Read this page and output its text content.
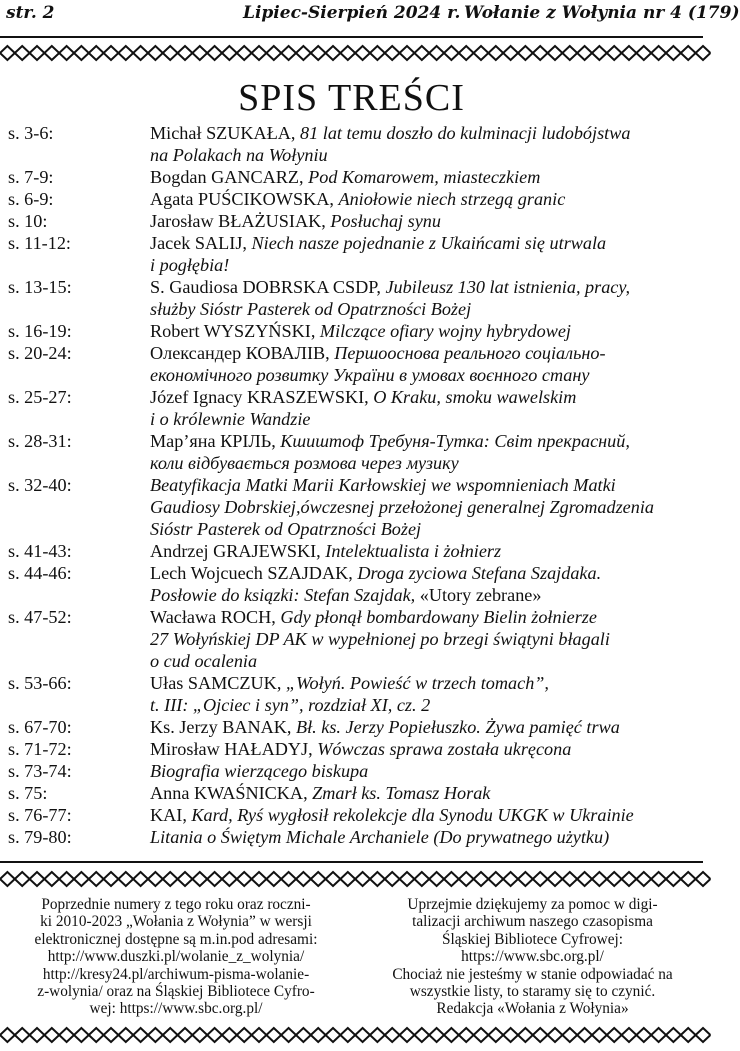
str. 2	Lipiec-Sierpień 2024 r. Wołanie z Wołynia nr 4 (179)
SPIS TREŚCI
s. 3-6:	Michał SZUKAŁA, 81 lat temu doszło do kulminacji ludobójstwa
na Polakach na Wołyniu
s. 7-9:	Bogdan GANCARZ, Pod Komarowem, miasteczkiem
s. 6-9:	Agata PUŚCIKOWSKA, Aniołowie niech strzegą granic
s. 10:	Jarosław BŁAŻUSIAK, Posłuchaj synu
s. 11-12:	Jacek SALIJ, Niech nasze pojednanie z Ukaińcami się utrwala
i pogłębia!
s. 13-15:	S. Gaudiosa DOBRSKA CSDP, Jubileusz 130 lat istnienia, pracy,
służby Sióstr Pasterek od Opatrzności Bożej
s. 16-19:	Robert WYSZYŃSKI, Milczące ofiary wojny hybrydowej
s. 20-24:	Олександер КОВАЛІВ, Першооснова реального соціально-
економічного розвитку України в умовах воєнного стану
s. 25-27:	Józef Ignacy KRASZEWSKI, O Kraku, smoku wawelskim
i o królewnie Wandzie
s. 28-31:	Мар’яна КРІЛЬ, Кшиштоф Требуня-Тутка: Світ прекрасний,
коли відбувається розмова через музику
s. 32-40:	Beatyfikacja Matki Marii Karłowskiej we wspomnieniach Matki
Gaudiosy Dobrskiej,ówczesnej przełożonej generalnej Zgromadzenia
Sióstr Pasterek od Opatrzności Bożej
s. 41-43:	Andrzej GRAJEWSKI, Intelektualista i żołnierz
s. 44-46:	Lech Wojcuech SZAJDAK, Droga zyciowa Stefana Szajdaka.
Posłowie do ksiązki: Stefan Szajdak, «Utory zebrane»
s. 47-52:	Wacława ROCH, Gdy płonął bombardowany Bielin żołnierze
27 Wołyńskiej DP AK w wypełnionej po brzegi świątyni błagali
o cud ocalenia
s. 53-66:	Ułas SAMCZUK, „Wołyń. Powieść w trzech tomach”,
t. III: „Ojciec i syn”, rozdział XI, cz. 2
s. 67-70:	Ks. Jerzy BANAK, Bł. ks. Jerzy Popiełuszko. Żywa pamięć trwa
s. 71-72:	Mirosław HAŁADYJ, Wówczas sprawa została ukręcona
s. 73-74:	Biografia wierzącego biskupa
s. 75:	Anna KWAŚNICKA, Zmarł ks. Tomasz Horak
s. 76-77:	KAI, Kard, Ryś wygłosił rekolekcje dla Synodu UKGK w Ukrainie
s. 79-80:	Litania o Świętym Michale Archaniele (Do prywatnego użytku)
Poprzednie numery z tego roku oraz roczni-
ki 2010-2023 „Wołania z Wołynia” w wersji
elektronicznej dostępne są m.in.pod adresami:
http://www.duszki.pl/wolanie_z_wolynia/
http://kresy24.pl/archiwum-pisma-wolanie-
z-wolynia/ oraz na Śląskiej Bibliotece Cyfro-
wej: https://www.sbc.org.pl/
Uprzejmie dziękujemy za pomoc w digi-
talizacji archiwum naszego czasopisma
Śląskiej Bibliotece Cyfrowej:
https://www.sbc.org.pl/
Chociaż nie jesteśmy w stanie odpowiadać na
wszystkie listy, to staramy się to czynić.
Redakcja «Wołania z Wołynia»
